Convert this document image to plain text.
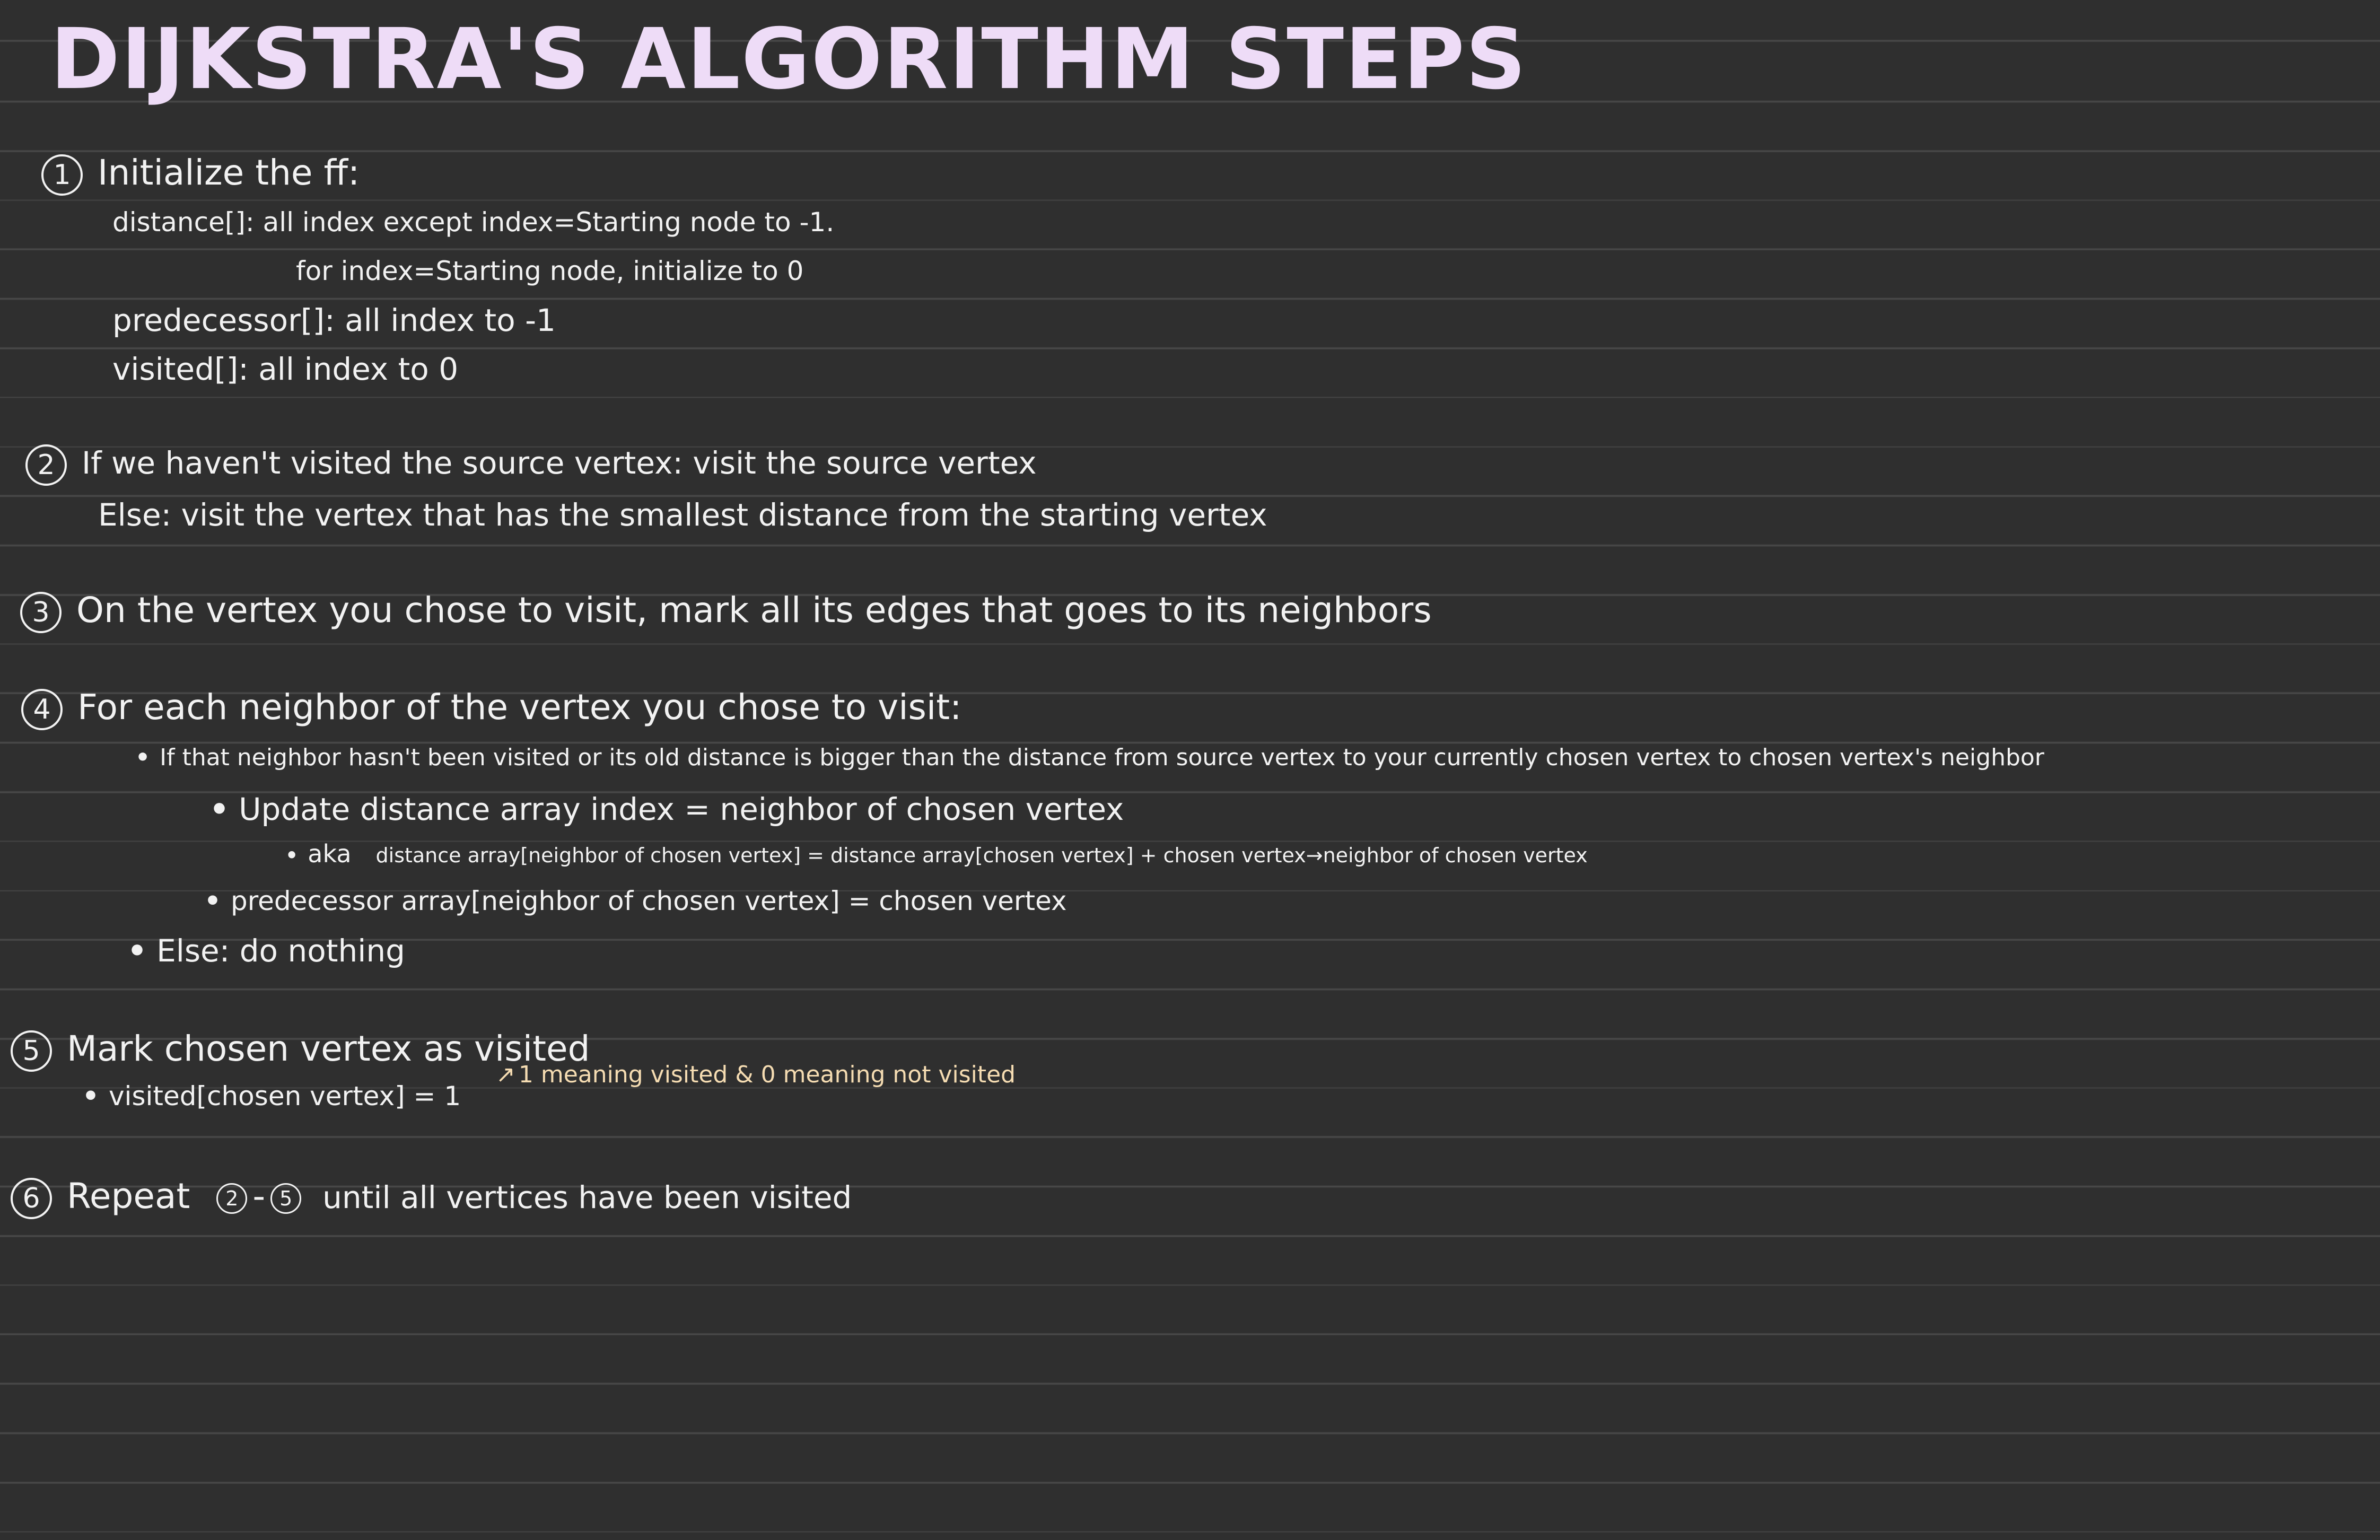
DIJKSTRA'S ALGORITHM STEPS
1 Initialize the ff:
distance[]: all index except index=Starting node to -1.
for index=Starting node, initialize to 0
predecessor[]: all index to -1
visited[]: all index to 0
2 If we haven't visited the source vertex: visit the source vertex
Else: visit the vertex that has the smallest distance from the starting vertex
3 On the vertex you chose to visit, mark all its edges that goes to its neighbors
4 For each neighbor of the vertex you chose to visit:
• If that neighbor hasn't been visited or its old distance is bigger than the distance from source vertex to your currently chosen vertex to chosen vertex's neighbor
• Update distance array index = neighbor of chosen vertex
• aka distance array[neighbor of chosen vertex] = distance array[chosen vertex] + chosen vertex→neighbor of chosen vertex
• predecessor array[neighbor of chosen vertex] = chosen vertex
• Else: do nothing
5 Mark chosen vertex as visited
• visited[chosen vertex] = 1
↗ 1 meaning visited & 0 meaning not visited
6 Repeat 2 - 5 until all vertices have been visited
